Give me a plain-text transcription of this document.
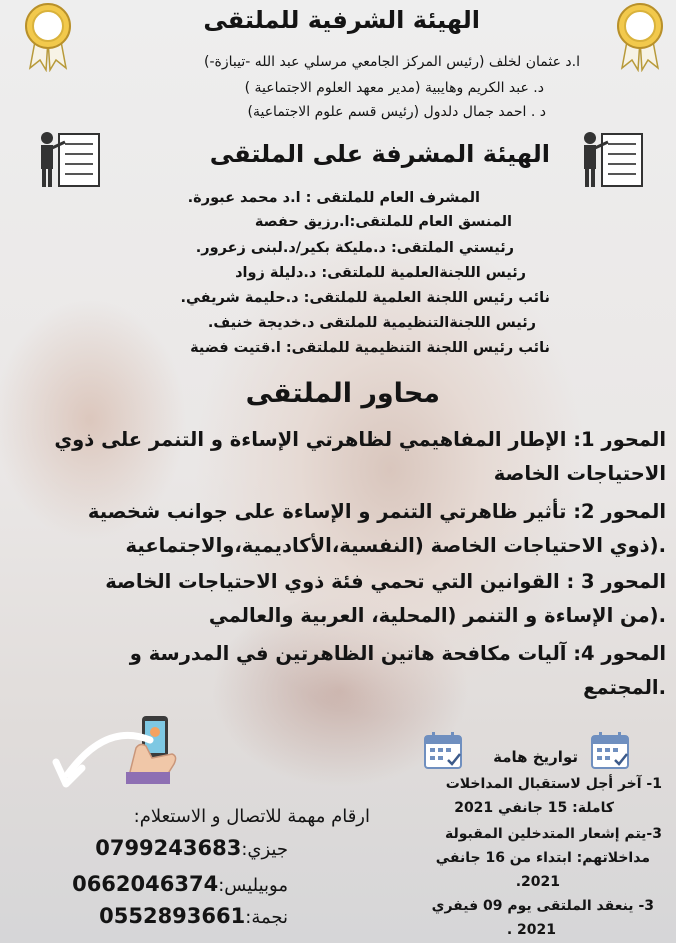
الهيئة الشرفية للملتقى
ا.د عثمان لخلف (رئيس المركز الجامعي مرسلي عبد الله -تيبازة-)
د. عبد الكريم وهايبية (مدير معهد العلوم الاجتماعية )
د . احمد جمال دلدول (رئيس قسم علوم الاجتماعية)
الهيئة المشرفة على الملتقى
المشرف العام للملتقى : ا.د محمد عبورة.
المنسق العام للملتقى:ا.رزيق حفصة
رئيستي الملتقى: د.مليكة بكير/د.لبنى زعرور.
رئيس اللجنةالعلمية للملتقى: د.دليلة زواد
نائب رئيس اللجنة العلمية للملتقى: د.حليمة شريفي.
رئيس اللجنةالتنظيمية للملتقى د.خديجة خنيف.
نائب رئيس اللجنة التنظيمية للملتقى: ا.قتيت فضية
محاور الملتقى
المحور 1: الإطار المفاهيمي لظاهرتي الإساءة و التنمر على ذوي
الاحتياجات الخاصة
المحور 2: تأثير ظاهرتي التنمر و الإساءة على جوانب شخصية
.(ذوي الاحتياجات الخاصة (النفسية،الأكاديمية،والاجتماعية
المحور 3 : القوانين التي تحمي فئة ذوي الاحتياجات الخاصة
.(من الإساءة و التنمر (المحلية، العربية والعالمي
المحور 4: آليات مكافحة هاتين الظاهرتين في المدرسة و
.المجتمع
تواريخ هامة
1- آخر أجل لاستقبال المداخلات
كاملة: 15 جانفي 2021
3-يتم إشعار المتدخلين المقبولة
مداخلاتهم: ابتداء من 16 جانفي
2021.
3- ينعقد الملتقى يوم 09 فيفري
2021 .
ارقام مهمة للاتصال و الاستعلام:
جيزي:0799243683
موبيليس:0662046374
نجمة:0552893661
